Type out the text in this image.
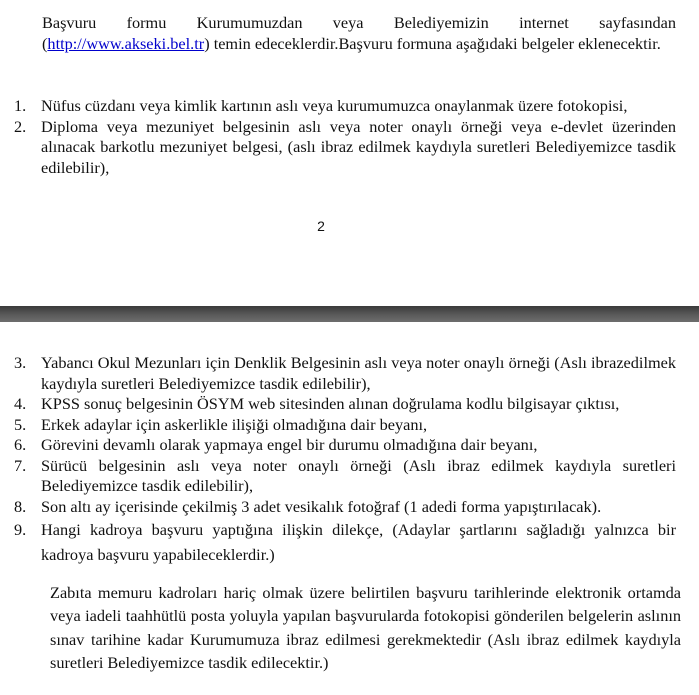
Başvuru formu Kurumumuzdan veya Belediyemizin internet sayfasından (http://www.akseki.bel.tr) temin edeceklerdir.Başvuru formuna aşağıdaki belgeler eklenecektir.
1. Nüfus cüzdanı veya kimlik kartının aslı veya kurumumuzca onaylanmak üzere fotokopisi,
2. Diploma veya mezuniyet belgesinin aslı veya noter onaylı örneği veya e-devlet üzerinden alınacak barkotlu mezuniyet belgesi, (aslı ibraz edilmek kaydıyla suretleri Belediyemizce tasdik edilebilir),
2
3. Yabancı Okul Mezunları için Denklik Belgesinin aslı veya noter onaylı örneği (Aslı ibrazedilmek kaydıyla suretleri Belediyemizce tasdik edilebilir),
4. KPSS sonuç belgesinin ÖSYM web sitesinden alınan doğrulama kodlu bilgisayar çıktısı,
5. Erkek adaylar için askerlikle ilişiği olmadığına dair beyanı,
6. Görevini devamlı olarak yapmaya engel bir durumu olmadığına dair beyanı,
7. Sürücü belgesinin aslı veya noter onaylı örneği (Aslı ibraz edilmek kaydıyla suretleri Belediyemizce tasdik edilebilir),
8. Son altı ay içerisinde çekilmiş 3 adet vesikalık fotoğraf (1 adedi forma yapıştırılacak).
9. Hangi kadroya başvuru yaptığına ilişkin dilekçe, (Adaylar şartlarını sağladığı yalnızca bir kadroya başvuru yapabileceklerdir.)
Zabıta memuru kadroları hariç olmak üzere belirtilen başvuru tarihlerinde elektronik ortamda veya iadeli taahhütlü posta yoluyla yapılan başvurularda fotokopisi gönderilen belgelerin aslının sınav tarihine kadar Kurumumuza ibraz edilmesi gerekmektedir (Aslı ibraz edilmek kaydıyla suretleri Belediyemizce tasdik edilecektir.)
